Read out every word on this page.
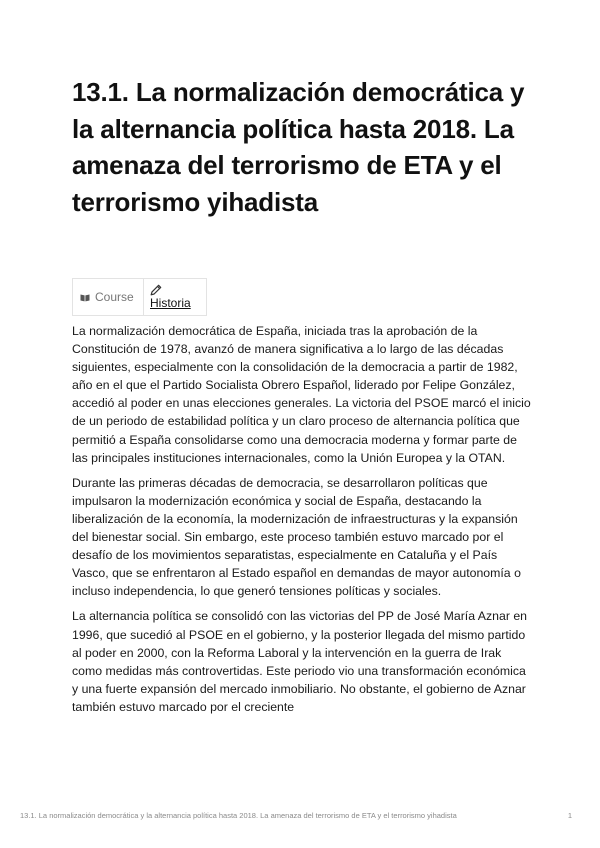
13.1. La normalización democrática y la alternancia política hasta 2018. La amenaza del terrorismo de ETA y el terrorismo yihadista
Course Historia

La normalización democrática de España, iniciada tras la aprobación de la Constitución de 1978, avanzó de manera significativa a lo largo de las décadas siguientes, especialmente con la consolidación de la democracia a partir de 1982, año en el que el Partido Socialista Obrero Español, liderado por Felipe González, accedió al poder en unas elecciones generales. La victoria del PSOE marcó el inicio de un periodo de estabilidad política y un claro proceso de alternancia política que permitió a España consolidarse como una democracia moderna y formar parte de las principales instituciones internacionales, como la Unión Europea y la OTAN.

Durante las primeras décadas de democracia, se desarrollaron políticas que impulsaron la modernización económica y social de España, destacando la liberalización de la economía, la modernización de infraestructuras y la expansión del bienestar social. Sin embargo, este proceso también estuvo marcado por el desafío de los movimientos separatistas, especialmente en Cataluña y el País Vasco, que se enfrentaron al Estado español en demandas de mayor autonomía o incluso independencia, lo que generó tensiones políticas y sociales.

La alternancia política se consolidó con las victorias del PP de José María Aznar en 1996, que sucedió al PSOE en el gobierno, y la posterior llegada del mismo partido al poder en 2000, con la Reforma Laboral y la intervención en la guerra de Irak como medidas más controvertidas. Este periodo vio una transformación económica y una fuerte expansión del mercado inmobiliario. No obstante, el gobierno de Aznar también estuvo marcado por el creciente

13.1. La normalización democrática y la alternancia política hasta 2018. La amenaza del terrorismo de ETA y el terrorismo yihadista	1
